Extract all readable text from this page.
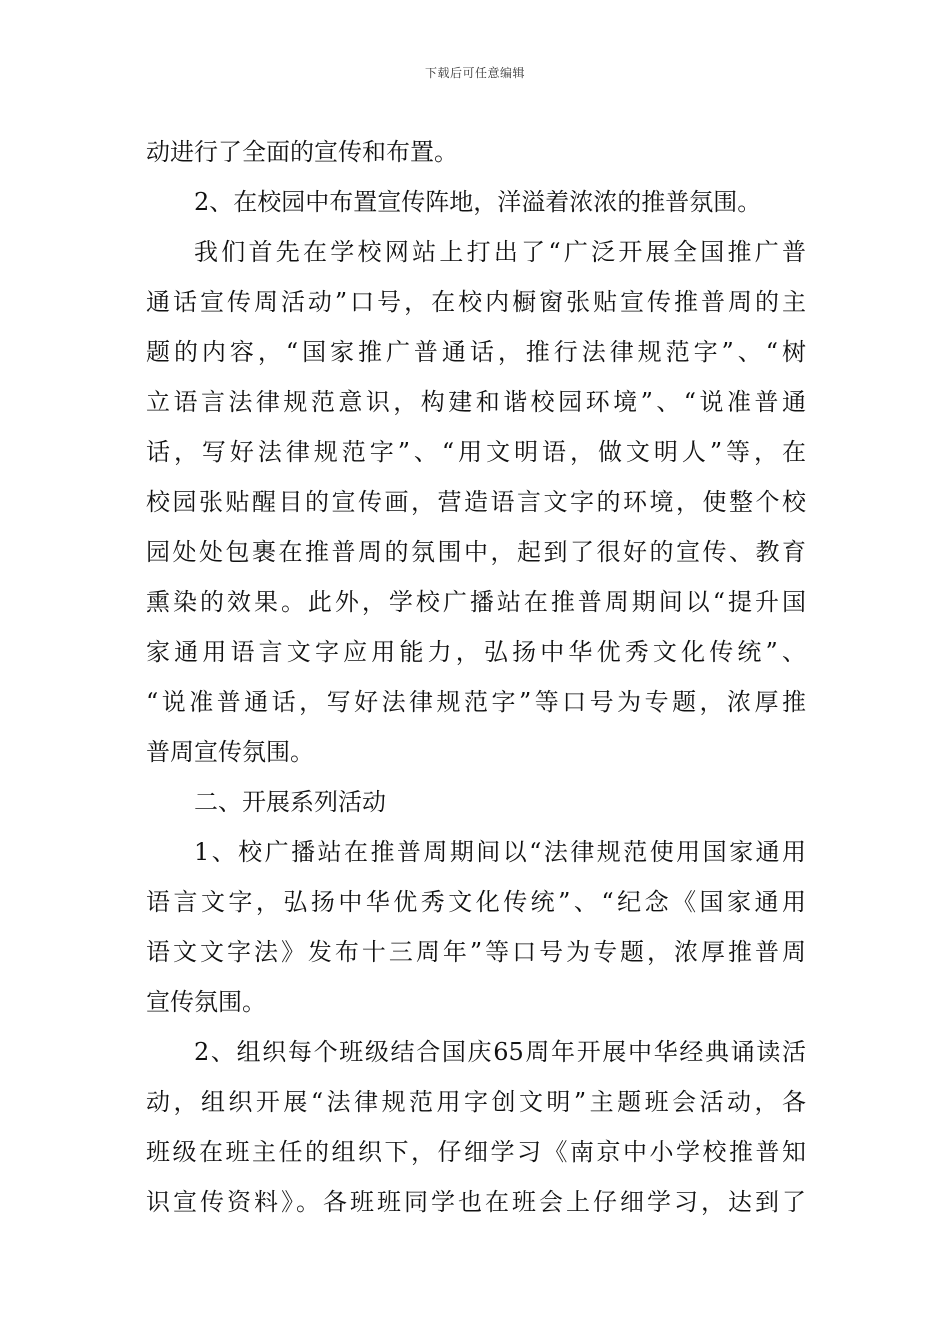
下载后可任意编辑
动进行了全面的宣传和布置。
2、在校园中布置宣传阵地，洋溢着浓浓的推普氛围。
我们首先在学校网站上打出了“广泛开展全国推广普
通话宣传周活动”口号，在校内橱窗张贴宣传推普周的主
题的内容，“国家推广普通话，推行法律规范字”、“树
立语言法律规范意识，构建和谐校园环境”、“说准普通
话，写好法律规范字”、“用文明语，做文明人”等，在
校园张贴醒目的宣传画，营造语言文字的环境，使整个校
园处处包裹在推普周的氛围中，起到了很好的宣传、教育
熏染的效果。此外，学校广播站在推普周期间以“提升国
家通用语言文字应用能力，弘扬中华优秀文化传统”、
“说准普通话，写好法律规范字”等口号为专题，浓厚推
普周宣传氛围。
二、开展系列活动
1、校广播站在推普周期间以“法律规范使用国家通用
语言文字，弘扬中华优秀文化传统”、“纪念《国家通用
语文文字法》发布十三周年”等口号为专题，浓厚推普周
宣传氛围。
2、组织每个班级结合国庆65周年开展中华经典诵读活
动，组织开展“法律规范用字创文明”主题班会活动，各
班级在班主任的组织下，仔细学习《南京中小学校推普知
识宣传资料》。各班班同学也在班会上仔细学习，达到了
